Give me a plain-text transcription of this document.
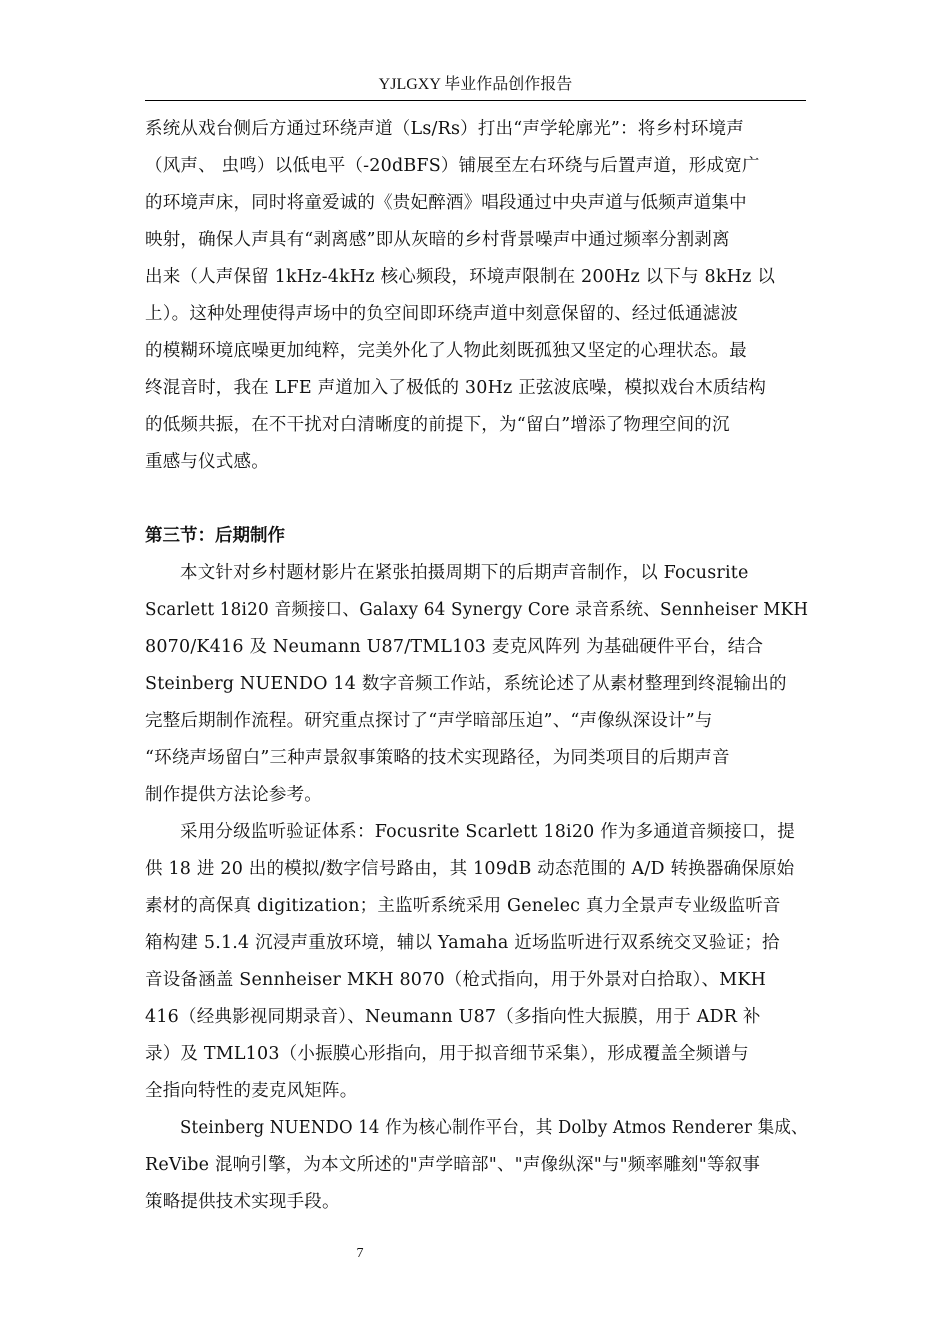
YJLGXY 毕业作品创作报告
系统从戏台侧后方通过环绕声道（Ls/Rs）打出“声学轮廓光”：将乡村环境声
（风声、 虫鸣）以低电平（-20dBFS）铺展至左右环绕与后置声道，形成宽广
的环境声床，同时将童爱诚的《贵妃醉酒》唱段通过中央声道与低频声道集中
映射，确保人声具有“剥离感”即从灰暗的乡村背景噪声中通过频率分割剥离
出来（人声保留 1kHz-4kHz 核心频段，环境声限制在 200Hz 以下与 8kHz 以
上）。这种处理使得声场中的负空间即环绕声道中刻意保留的、经过低通滤波
的模糊环境底噪更加纯粹，完美外化了人物此刻既孤独又坚定的心理状态。最
终混音时，我在 LFE 声道加入了极低的 30Hz 正弦波底噪，模拟戏台木质结构
的低频共振，在不干扰对白清晰度的前提下，为“留白”增添了物理空间的沉
重感与仪式感。
第三节：后期制作
本文针对乡村题材影片在紧张拍摄周期下的后期声音制作，以 Focusrite
Scarlett 18i20 音频接口、Galaxy 64 Synergy Core 录音系统、Sennheiser MKH
8070/K416 及 Neumann U87/TML103 麦克风阵列 为基础硬件平台，结合
Steinberg NUENDO 14 数字音频工作站，系统论述了从素材整理到终混输出的
完整后期制作流程。研究重点探讨了“声学暗部压迫”、“声像纵深设计”与
“环绕声场留白”三种声景叙事策略的技术实现路径，为同类项目的后期声音
制作提供方法论参考。
采用分级监听验证体系：Focusrite Scarlett 18i20 作为多通道音频接口，提
供 18 进 20 出的模拟/数字信号路由，其 109dB 动态范围的 A/D 转换器确保原始
素材的高保真 digitization；主监听系统采用 Genelec 真力全景声专业级监听音
箱构建 5.1.4 沉浸声重放环境，辅以 Yamaha 近场监听进行双系统交叉验证；拾
音设备涵盖 Sennheiser MKH 8070（枪式指向，用于外景对白拾取）、MKH
416（经典影视同期录音）、Neumann U87（多指向性大振膜，用于 ADR 补
录）及 TML103（小振膜心形指向，用于拟音细节采集），形成覆盖全频谱与
全指向特性的麦克风矩阵。
Steinberg NUENDO 14 作为核心制作平台，其 Dolby Atmos Renderer 集成、
ReVibe 混响引擎，为本文所述的"声学暗部"、"声像纵深"与"频率雕刻"等叙事
策略提供技术实现手段。
7
